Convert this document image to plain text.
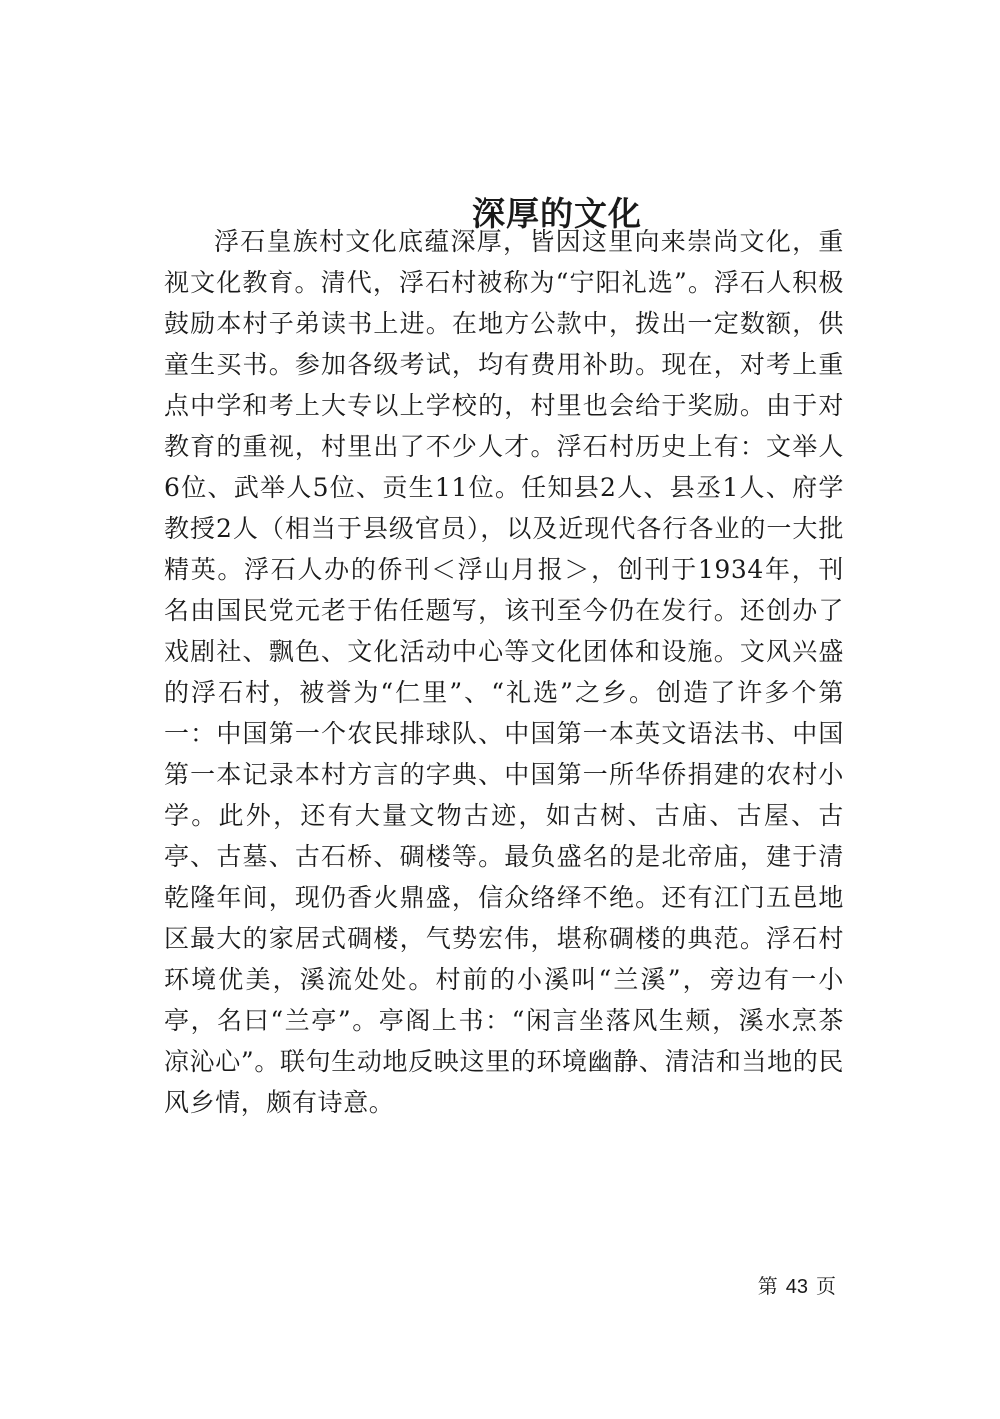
深厚的文化

浮石皇族村文化底蕴深厚，皆因这里向来崇尚文化，重视文化教育。清代，浮石村被称为“宁阳礼选”。浮石人积极鼓励本村子弟读书上进。在地方公款中，拨出一定数额，供童生买书。参加各级考试，均有费用补助。现在，对考上重点中学和考上大专以上学校的，村里也会给于奖励。由于对教育的重视，村里出了不少人才。浮石村历史上有：文举人6位、武举人5位、贡生11位。任知县2人、县丞1人、府学教授2人（相当于县级官员），以及近现代各行各业的一大批精英。浮石人办的侨刊＜浮山月报＞，创刊于1934年，刊名由国民党元老于佑任题写，该刊至今仍在发行。还创办了戏剧社、飘色、文化活动中心等文化团体和设施。文风兴盛的浮石村，被誉为“仁里”、“礼选”之乡。创造了许多个第一：中国第一个农民排球队、中国第一本英文语法书、中国第一本记录本村方言的字典、中国第一所华侨捐建的农村小学。此外，还有大量文物古迹，如古树、古庙、古屋、古亭、古墓、古石桥、碉楼等。最负盛名的是北帝庙，建于清乾隆年间，现仍香火鼎盛，信众络绎不绝。还有江门五邑地区最大的家居式碉楼，气势宏伟，堪称碉楼的典范。浮石村环境优美，溪流处处。村前的小溪叫“兰溪”，旁边有一小亭，名曰“兰亭”。亭阁上书：“闲言坐落风生颊，溪水烹茶凉沁心”。联句生动地反映这里的环境幽静、清洁和当地的民风乡情，颇有诗意。

第 43 页
